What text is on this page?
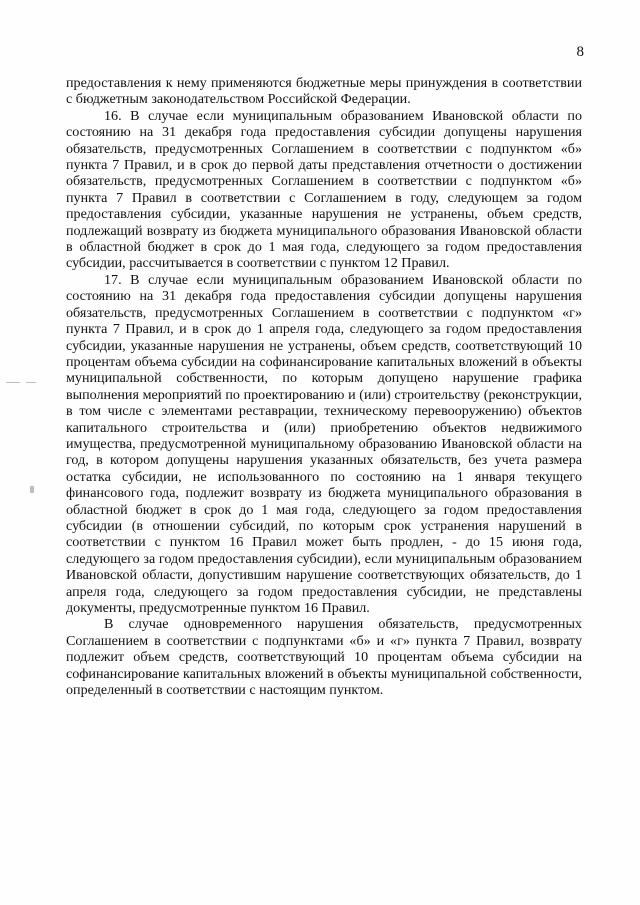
8

предоставления к нему применяются бюджетные меры принуждения в соответствии с бюджетным законодательством Российской Федерации.

16. В случае если муниципальным образованием Ивановской области по состоянию на 31 декабря года предоставления субсидии допущены нарушения обязательств, предусмотренных Соглашением в соответствии с подпунктом «б» пункта 7 Правил, и в срок до первой даты представления отчетности о достижении обязательств, предусмотренных Соглашением в соответствии с подпунктом «б» пункта 7 Правил в соответствии с Соглашением в году, следующем за годом предоставления субсидии, указанные нарушения не устранены, объем средств, подлежащий возврату из бюджета муниципального образования Ивановской области в областной бюджет в срок до 1 мая года, следующего за годом предоставления субсидии, рассчитывается в соответствии с пунктом 12 Правил.

17. В случае если муниципальным образованием Ивановской области по состоянию на 31 декабря года предоставления субсидии допущены нарушения обязательств, предусмотренных Соглашением в соответствии с подпунктом «г» пункта 7 Правил, и в срок до 1 апреля года, следующего за годом предоставления субсидии, указанные нарушения не устранены, объем средств, соответствующий 10 процентам объема субсидии на софинансирование капитальных вложений в объекты муниципальной собственности, по которым допущено нарушение графика выполнения мероприятий по проектированию и (или) строительству (реконструкции, в том числе с элементами реставрации, техническому перевооружению) объектов капитального строительства и (или) приобретению объектов недвижимого имущества, предусмотренной муниципальному образованию Ивановской области на год, в котором допущены нарушения указанных обязательств, без учета размера остатка субсидии, не использованного по состоянию на 1 января текущего финансового года, подлежит возврату из бюджета муниципального образования в областной бюджет в срок до 1 мая года, следующего за годом предоставления субсидии (в отношении субсидий, по которым срок устранения нарушений в соответствии с пунктом 16 Правил может быть продлен, - до 15 июня года, следующего за годом предоставления субсидии), если муниципальным образованием Ивановской области, допустившим нарушение соответствующих обязательств, до 1 апреля года, следующего за годом предоставления субсидии, не представлены документы, предусмотренные пунктом 16 Правил.

В случае одновременного нарушения обязательств, предусмотренных Соглашением в соответствии с подпунктами «б» и «г» пункта 7 Правил, возврату подлежит объем средств, соответствующий 10 процентам объема субсидии на софинансирование капитальных вложений в объекты муниципальной собственности, определенный в соответствии с настоящим пунктом.
